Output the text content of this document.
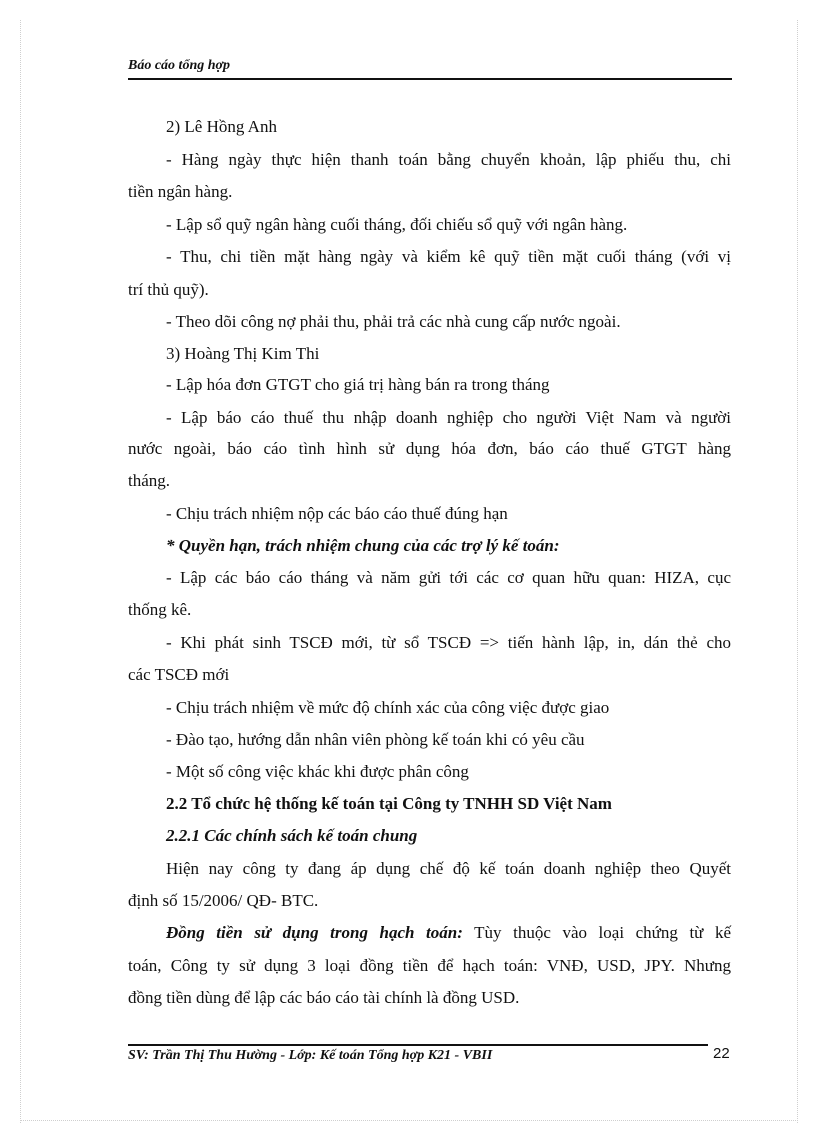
Báo cáo tổng hợp
2) Lê Hồng Anh
- Hàng ngày thực hiện thanh toán bằng chuyển khoản, lập phiếu thu, chi
tiền ngân hàng.
- Lập sổ quỹ ngân hàng cuối tháng, đối chiếu sổ quỹ với ngân hàng.
- Thu, chi tiền mặt hàng ngày và kiểm kê quỹ tiền mặt cuối tháng (với vị
trí thủ quỹ).
- Theo dõi công nợ phải thu, phải trả các nhà cung cấp nước ngoài.
3) Hoàng Thị Kim Thi
- Lập hóa đơn GTGT cho giá trị hàng bán ra trong tháng
- Lập báo cáo thuế thu nhập doanh nghiệp cho người Việt Nam và người
nước ngoài, báo cáo tình hình sử dụng hóa đơn, báo cáo thuế GTGT hàng
tháng.
- Chịu trách nhiệm nộp các báo cáo thuế đúng hạn
* Quyền hạn, trách nhiệm chung của các trợ lý kế toán:
- Lập các báo cáo tháng và năm gửi tới các cơ quan hữu quan: HIZA, cục
thống kê.
- Khi phát sinh TSCĐ mới, từ sổ TSCĐ => tiến hành lập, in, dán thẻ cho
các TSCĐ mới
- Chịu trách nhiệm về mức độ chính xác của công việc được giao
- Đào tạo, hướng dẫn nhân viên phòng kế toán khi có yêu cầu
- Một số công việc khác khi được phân công
2.2 Tổ chức hệ thống kế toán tại Công ty TNHH SD Việt Nam
2.2.1 Các chính sách kế toán chung
Hiện nay công ty đang áp dụng chế độ kế toán doanh nghiệp theo Quyết
định số 15/2006/ QĐ- BTC.
Đồng tiền sử dụng trong hạch toán: Tùy thuộc vào loại chứng từ kế
toán, Công ty sử dụng 3 loại đồng tiền để hạch toán: VNĐ, USD, JPY. Nhưng
đồng tiền dùng để lập các báo cáo tài chính là đồng USD.
SV: Trần Thị Thu Hường - Lớp: Kế toán Tổng hợp K21 - VBII	22
